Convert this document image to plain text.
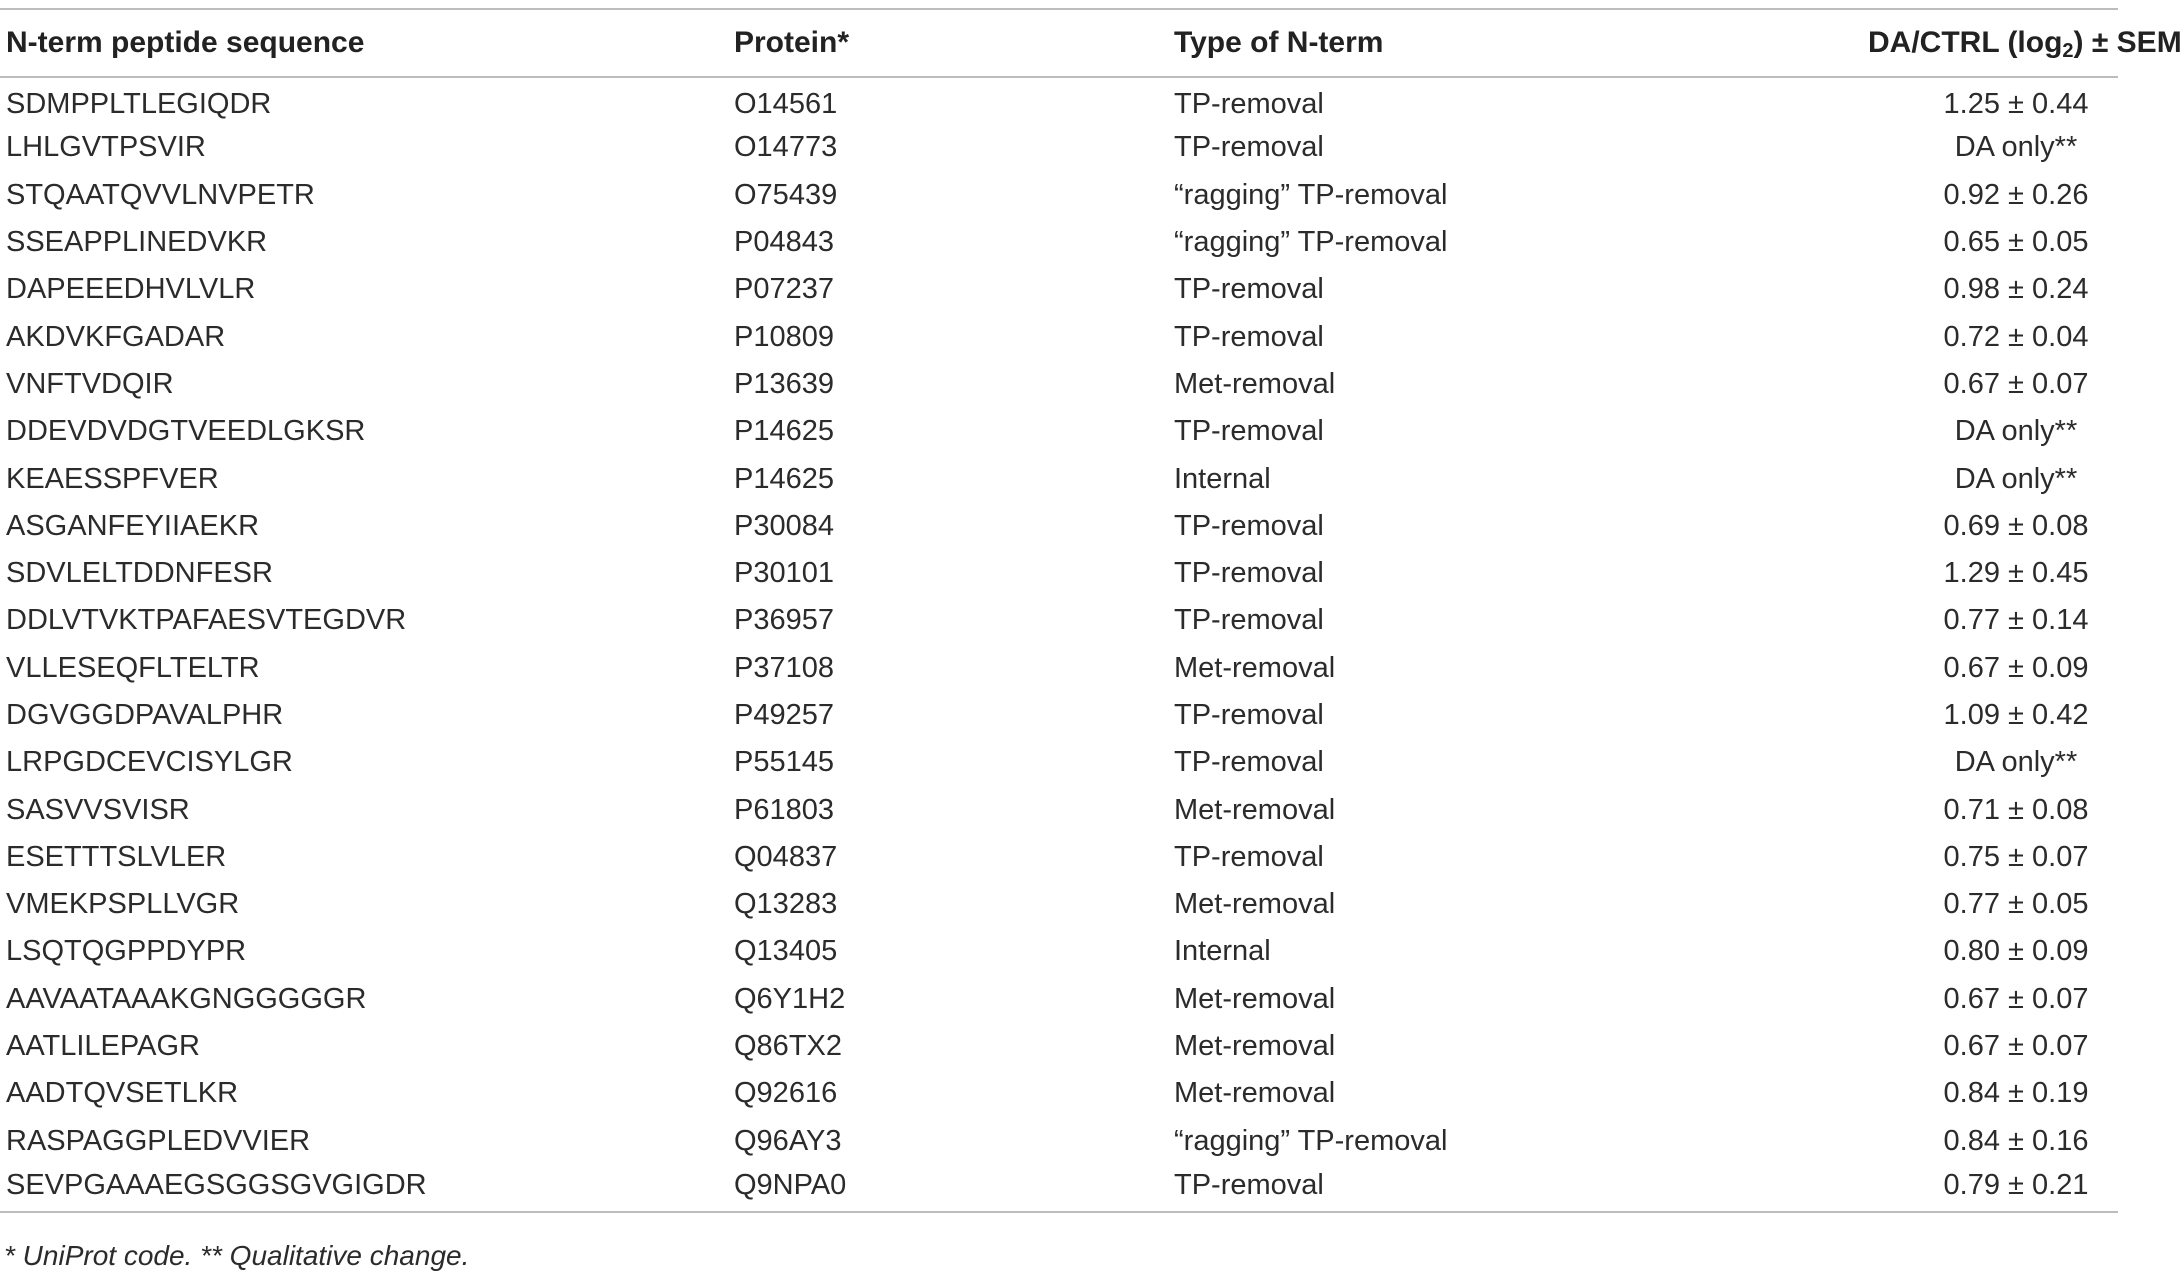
N-term peptide sequence	Protein*	Type of N-term	DA/CTRL $(\log_2)$ ± SEM
SDMPPLTLEGIQDR	O14561	TP-removal	1.25 ± 0.44
LHLGVTPSVIR	O14773	TP-removal	DA only**
STQAATQVVLNVPETR	O75439	“ragging” TP-removal	0.92 ± 0.26
SSEAPPLINEDVKR	P04843	“ragging” TP-removal	0.65 ± 0.05
DAPEEEDHVLVLR	P07237	TP-removal	0.98 ± 0.24
AKDVKFGADAR	P10809	TP-removal	0.72 ± 0.04
VNFTVDQIR	P13639	Met-removal	0.67 ± 0.07
DDEVDVDGTVEEDLGKSR	P14625	TP-removal	DA only**
KEAESSPFVER	P14625	Internal	DA only**
ASGANFEYIIAEKR	P30084	TP-removal	0.69 ± 0.08
SDVLELTDDNFESR	P30101	TP-removal	1.29 ± 0.45
DDLVTVKTPAFAESVTEGDVR	P36957	TP-removal	0.77 ± 0.14
VLLESEQFLTELTR	P37108	Met-removal	0.67 ± 0.09
DGVGGDPAVALPHR	P49257	TP-removal	1.09 ± 0.42
LRPGDCEVCISYLGR	P55145	TP-removal	DA only**
SASVVSVISR	P61803	Met-removal	0.71 ± 0.08
ESETTTSLVLER	Q04837	TP-removal	0.75 ± 0.07
VMEKPSPLLVGR	Q13283	Met-removal	0.77 ± 0.05
LSQTQGPPDYPR	Q13405	Internal	0.80 ± 0.09
AAVAATAAAKGNGGGGGR	Q6Y1H2	Met-removal	0.67 ± 0.07
AATLILEPAGR	Q86TX2	Met-removal	0.67 ± 0.07
AADTQVSETLKR	Q92616	Met-removal	0.84 ± 0.19
RASPAGGPLEDVVIER	Q96AY3	“ragging” TP-removal	0.84 ± 0.16
SEVPGAAAEGSGGSGVGIGDR	Q9NPA0	TP-removal	0.79 ± 0.21
* UniProt code. ** Qualitative change.
